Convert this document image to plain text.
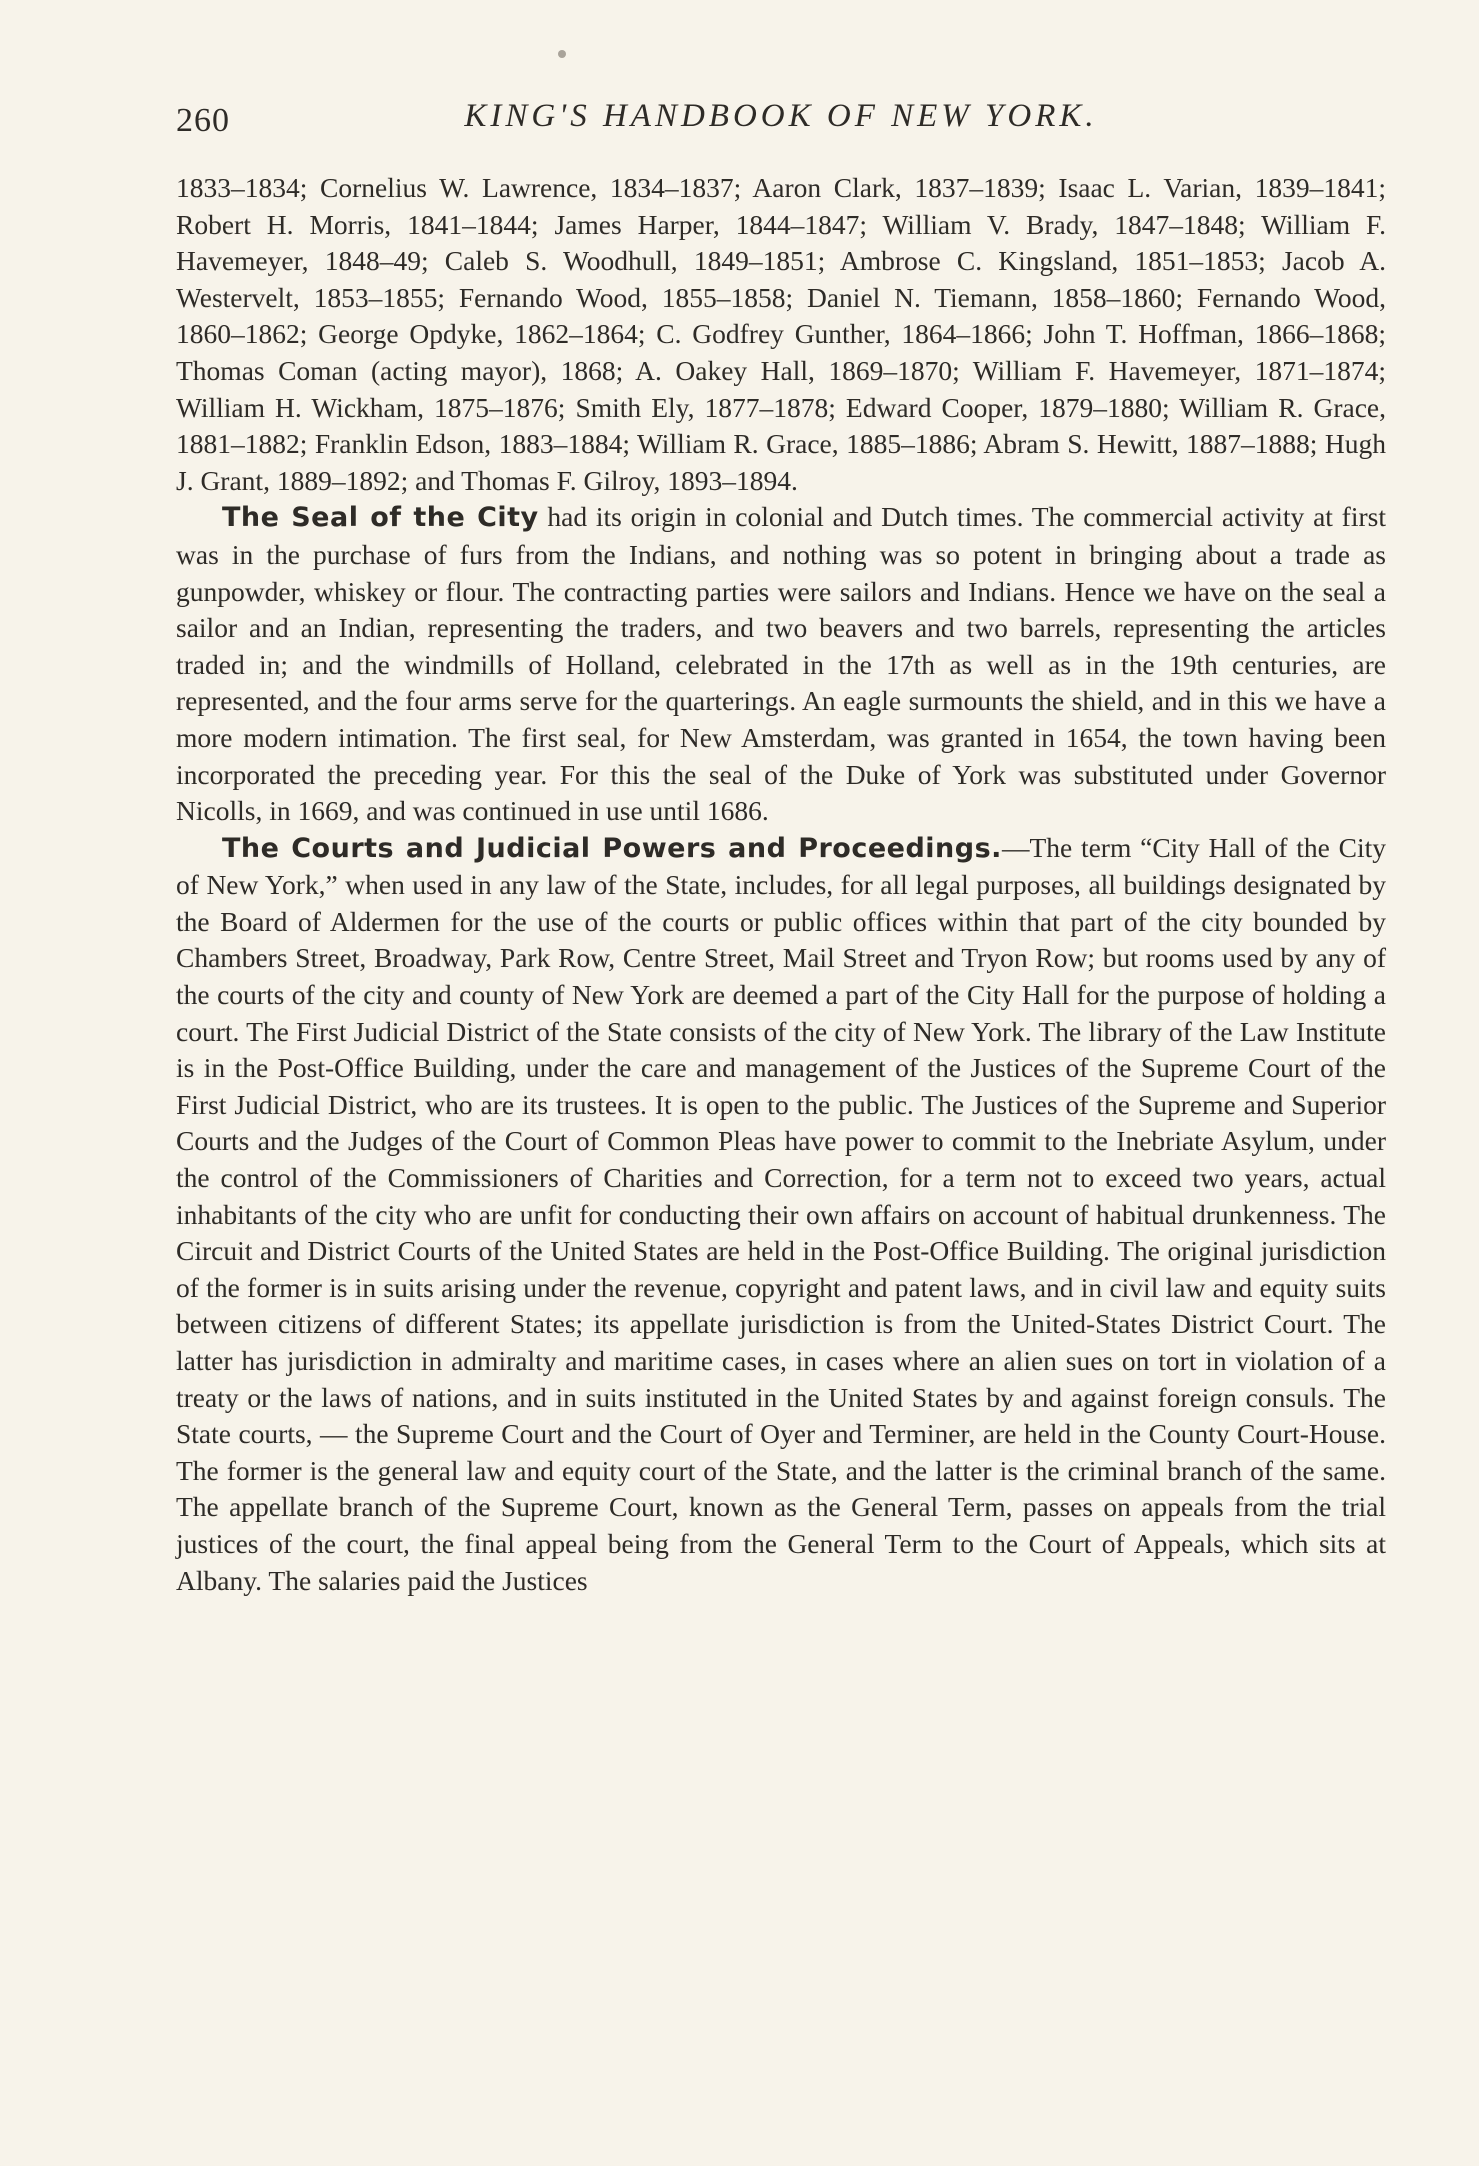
260	KING'S HANDBOOK OF NEW YORK.

1833–1834; Cornelius W. Lawrence, 1834–1837; Aaron Clark, 1837–1839; Isaac L. Varian, 1839–1841; Robert H. Morris, 1841–1844; James Harper, 1844–1847; William V. Brady, 1847–1848; William F. Havemeyer, 1848–49; Caleb S. Woodhull, 1849–1851; Ambrose C. Kingsland, 1851–1853; Jacob A. Westervelt, 1853–1855; Fernando Wood, 1855–1858; Daniel N. Tiemann, 1858–1860; Fernando Wood, 1860–1862; George Opdyke, 1862–1864; C. Godfrey Gunther, 1864–1866; John T. Hoffman, 1866–1868; Thomas Coman (acting mayor), 1868; A. Oakey Hall, 1869–1870; William F. Havemeyer, 1871–1874; William H. Wickham, 1875–1876; Smith Ely, 1877–1878; Edward Cooper, 1879–1880; William R. Grace, 1881–1882; Franklin Edson, 1883–1884; William R. Grace, 1885–1886; Abram S. Hewitt, 1887–1888; Hugh J. Grant, 1889–1892; and Thomas F. Gilroy, 1893–1894.

The Seal of the City had its origin in colonial and Dutch times. The commercial activity at first was in the purchase of furs from the Indians, and nothing was so potent in bringing about a trade as gunpowder, whiskey or flour. The contracting parties were sailors and Indians. Hence we have on the seal a sailor and an Indian, representing the traders, and two beavers and two barrels, representing the articles traded in; and the windmills of Holland, celebrated in the 17th as well as in the 19th centuries, are represented, and the four arms serve for the quarterings. An eagle surmounts the shield, and in this we have a more modern intimation. The first seal, for New Amsterdam, was granted in 1654, the town having been incorporated the preceding year. For this the seal of the Duke of York was substituted under Governor Nicolls, in 1669, and was continued in use until 1686.

The Courts and Judicial Powers and Proceedings.—The term “City Hall of the City of New York,” when used in any law of the State, includes, for all legal purposes, all buildings designated by the Board of Aldermen for the use of the courts or public offices within that part of the city bounded by Chambers Street, Broadway, Park Row, Centre Street, Mail Street and Tryon Row; but rooms used by any of the courts of the city and county of New York are deemed a part of the City Hall for the purpose of holding a court. The First Judicial District of the State consists of the city of New York. The library of the Law Institute is in the Post-Office Building, under the care and management of the Justices of the Supreme Court of the First Judicial District, who are its trustees. It is open to the public. The Justices of the Supreme and Superior Courts and the Judges of the Court of Common Pleas have power to commit to the Inebriate Asylum, under the control of the Commissioners of Charities and Correction, for a term not to exceed two years, actual inhabitants of the city who are unfit for conducting their own affairs on account of habitual drunkenness. The Circuit and District Courts of the United States are held in the Post-Office Building. The original jurisdiction of the former is in suits arising under the revenue, copyright and patent laws, and in civil law and equity suits between citizens of different States; its appellate jurisdiction is from the United-States District Court. The latter has jurisdiction in admiralty and maritime cases, in cases where an alien sues on tort in violation of a treaty or the laws of nations, and in suits instituted in the United States by and against foreign consuls. The State courts, — the Supreme Court and the Court of Oyer and Terminer, are held in the County Court-House. The former is the general law and equity court of the State, and the latter is the criminal branch of the same. The appellate branch of the Supreme Court, known as the General Term, passes on appeals from the trial justices of the court, the final appeal being from the General Term to the Court of Appeals, which sits at Albany. The salaries paid the Justices
